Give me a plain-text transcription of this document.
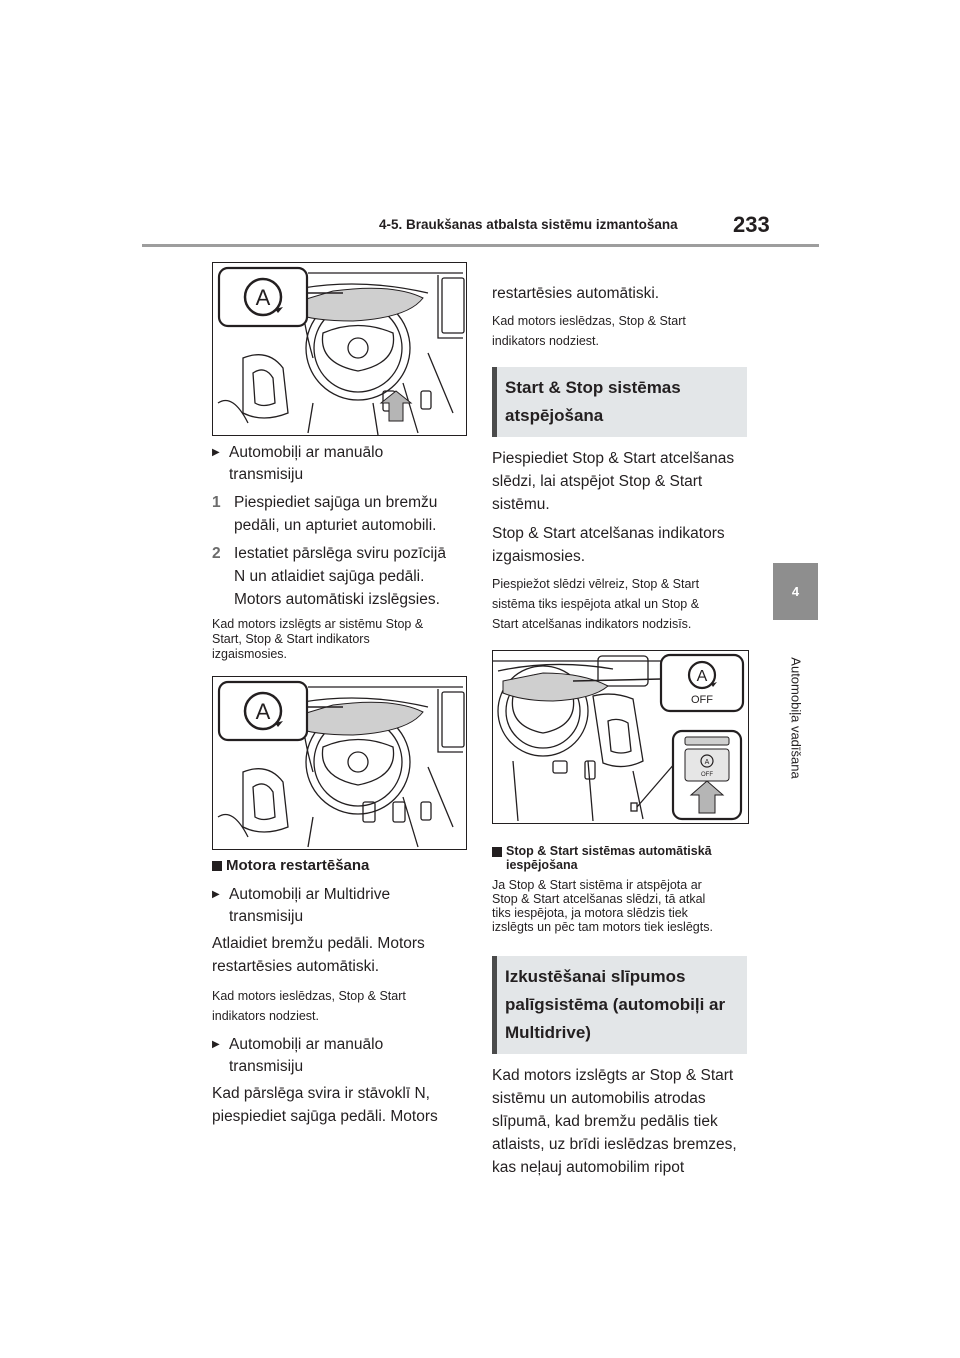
4-5. Braukšanas atbalsta sistēmu izmantošana	233
4
Automobiļa vadīšana
A

▶ Automobiļi ar manuālo
transmisiju

1 Piespiediet sajūga un bremžu
pedāli, un apturiet automobili.

2 Iestatiet pārslēga sviru pozīcijā
N un atlaidiet sajūga pedāli.
Motors automātiski izslēgsies.

Kad motors izslēgts ar sistēmu Stop &
Start, Stop & Start indikators
izgaismosies.

A

Motora restartēšana

▶ Automobiļi ar Multidrive
transmisiju

Atlaidiet bremžu pedāli. Motors
restartēsies automātiski.

Kad motors ieslēdzas, Stop & Start
indikators nodziest.

▶ Automobiļi ar manuālo
transmisiju

Kad pārslēga svira ir stāvoklī N,
piespiediet sajūga pedāli. Motors

restartēsies automātiski.

Kad motors ieslēdzas, Stop & Start
indikators nodziest.

Start & Stop sistēmas
atspējošana

Piespiediet Stop & Start atcelšanas
slēdzi, lai atspējot Stop & Start
sistēmu.

Stop & Start atcelšanas indikators
izgaismosies.

Piespiežot slēdzi vēlreiz, Stop & Start
sistēma tiks iespējota atkal un Stop &
Start atcelšanas indikators nodzisīs.

A
OFF
A
OFF

Stop & Start sistēmas automātiskā
iespējošana

Ja Stop & Start sistēma ir atspējota ar
Stop & Start atcelšanas slēdzi, tā atkal
tiks iespējota, ja motora slēdzis tiek
izslēgts un pēc tam motors tiek ieslēgts.

Izkustēšanai slīpumos
palīgsistēma (automobiļi ar
Multidrive)

Kad motors izslēgts ar Stop & Start
sistēmu un automobilis atrodas
slīpumā, kad bremžu pedālis tiek
atlaists, uz brīdi ieslēdzas bremzes,
kas neļauj automobilim ripot
